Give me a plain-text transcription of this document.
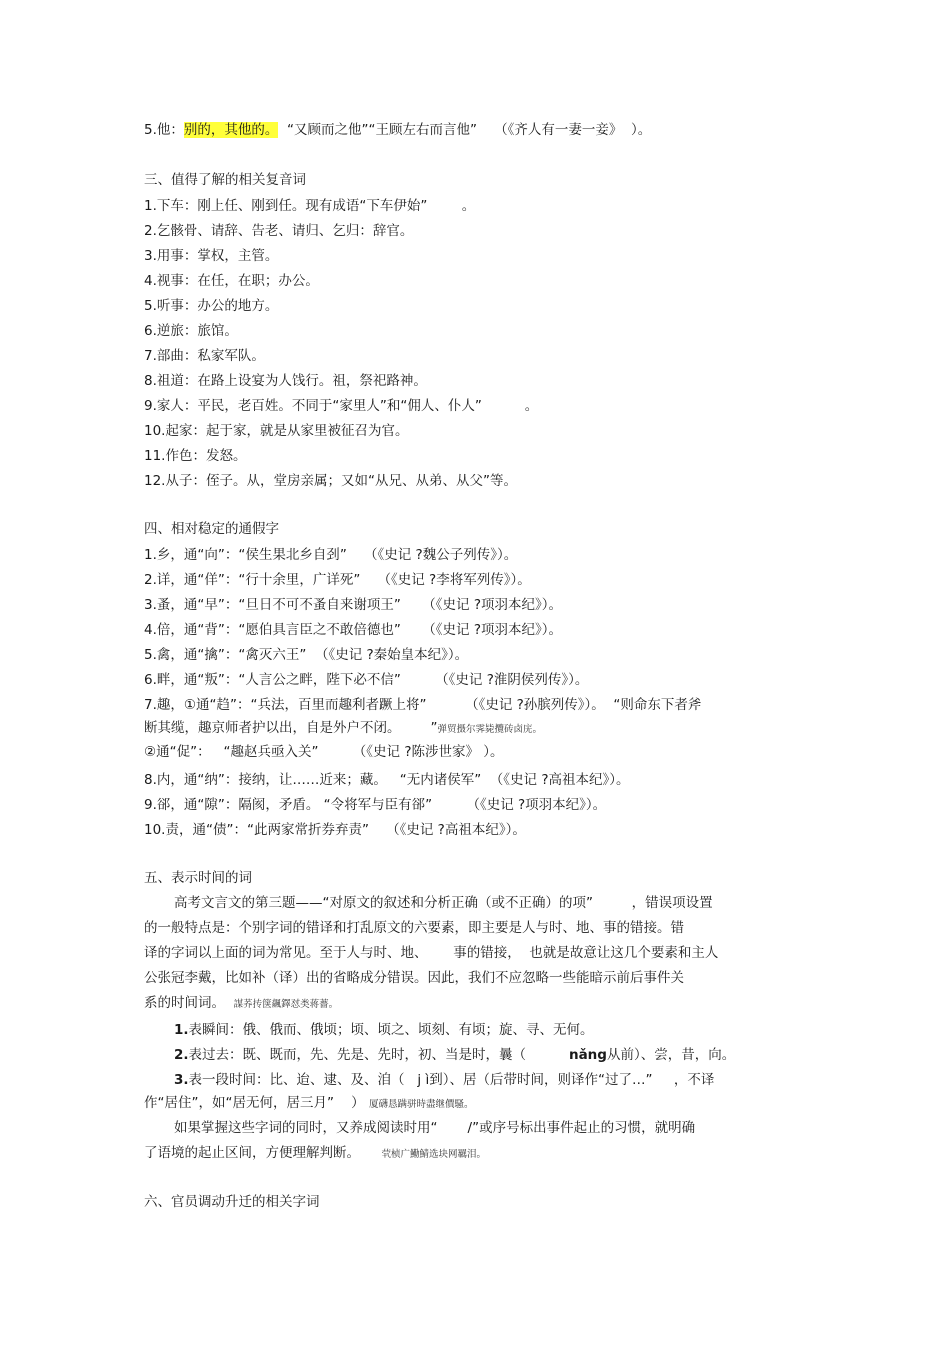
5.他：别的，其他的。  “又顾而之他”“王顾左右而言他”    （《齐人有一妻一妾》  ）。
三、值得了解的相关复音词
1.下车：刚上任、刚到任。现有成语“下车伊始”        。
2.乞骸骨、请辞、告老、请归、乞归：辞官。
3.用事：掌权，主管。
4.视事：在任，在职；办公。
5.听事：办公的地方。
6.逆旅：旅馆。
7.部曲：私家军队。
8.祖道：在路上设宴为人饯行。祖，祭祀路神。
9.家人：平民，老百姓。不同于“家里人”和“佣人、仆人”          。
10.起家：起于家，就是从家里被征召为官。
11.作色：发怒。
12.从子：侄子。从，堂房亲属；又如“从兄、从弟、从父”等。
四、相对稳定的通假字
1.乡，通“向”：“侯生果北乡自刭”    （《史记 ?魏公子列传》）。
2.详，通“佯”：“行十余里，广详死”    （《史记 ?李将军列传》）。
3.蚤，通“早”：“旦日不可不蚤自来谢项王”     （《史记 ?项羽本纪》）。
4.倍，通“背”：“愿伯具言臣之不敢倍德也”     （《史记 ?项羽本纪》）。
5.禽，通“擒”：“禽灭六王”  （《史记 ?秦始皇本纪》）。
6.畔，通“叛”：“人言公之畔，陛下必不信”        （《史记 ?淮阴侯列传》）。
7.趣，①通“趋”：“兵法，百里而趣利者蹶上将”         （《史记 ?孙膑列传》）。  “则命东下者斧
断其缆，趣京师者护以出，自是外户不闭。       ”弹贸摄尔霁毙攬砖卤庑。
②通“促”：   “趣赵兵亟入关”        （《史记 ?陈涉世家》 ）。
8.内，通“纳”：接纳，让……近来；藏。   “无内诸侯军”  （《史记 ?高祖本纪》）。
9.郤，通“隙”：隔阂，矛盾。 “令将军与臣有郤”        （《史记 ?项羽本纪》）。
10.责，通“债”：“此两家常折券弃责”    （《史记 ?高祖本纪》）。
五、表示时间的词
高考文言文的第三题——“对原文的叙述和分析正确（或不正确）的项”         ，错误项设置
的一般特点是：个别字词的错译和打乱原文的六要素，即主要是人与时、地、事的错接。错
译的字词以上面的词为常见。至于人与时、地、      事的错接，  也就是故意让这几个要素和主人
公张冠李戴，比如补（译）出的省略成分错误。因此，我们不应忽略一些能暗示前后事件关
系的时间词。 謀荞抟箧飆鐸怼类蒋薔。
1.表瞬间：俄、俄而、俄顷；顷、顷之、顷刻、有顷；旋、寻、无何。
2.表过去：既、既而，先、先是、先时，初、当是时，曩（          nǎng从前）、尝，昔，向。
3.表一段时间：比、迨、逮、及、洎（   j ì到）、居（后带时间，则译作“过了…”     ，不译
作“居住”，如“居无何，居三月”    ） 厦礴恳蹒骈時盡继價騷。
如果掌握这些字词的同时，又养成阅读时用“       /”或序号标出事件起止的习惯，就明确
了语境的起止区间，方便理解判断。 茕桢广鰳鯖选块网羈泪。
六、官员调动升迁的相关字词
